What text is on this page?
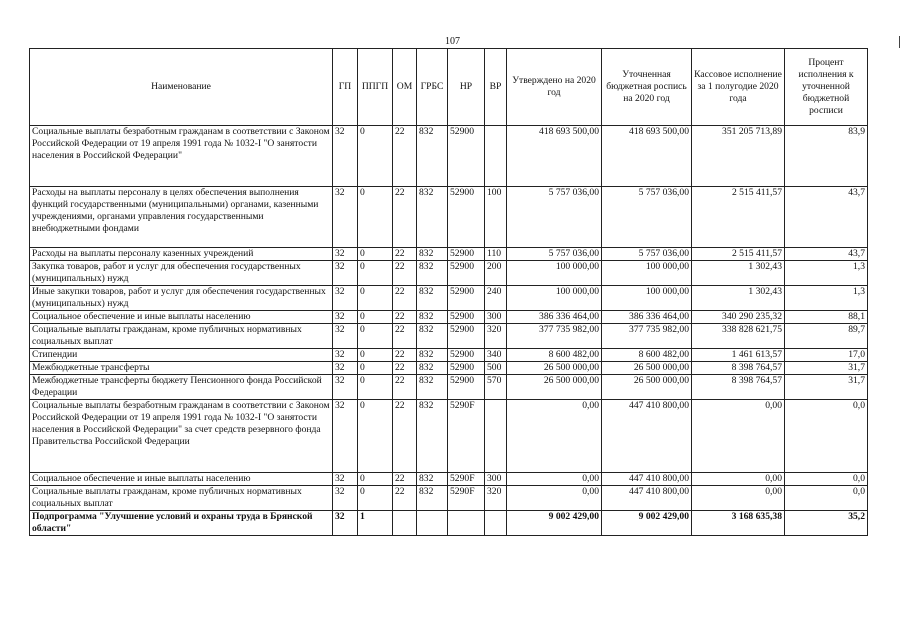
107
Наименование	ГП	ППГП	ОМ	ГРБС	НР	ВР	Утверждено на 2020 год	Уточненная бюджетная роспись на 2020 год	Кассовое исполнение за 1 полугодие 2020 года	Процент исполнения к уточненной бюджетной росписи
Социальные выплаты безработным гражданам в соответствии с Законом Российской Федерации от 19 апреля 1991 года № 1032-I "О занятости населения в Российской Федерации"	32	0	22	832	52900		418 693 500,00	418 693 500,00	351 205 713,89	83,9
Расходы на выплаты персоналу в целях обеспечения выполнения функций государственными (муниципальными) органами, казенными учреждениями, органами управления государственными внебюджетными фондами	32	0	22	832	52900	100	5 757 036,00	5 757 036,00	2 515 411,57	43,7
Расходы на выплаты персоналу казенных учреждений	32	0	22	832	52900	110	5 757 036,00	5 757 036,00	2 515 411,57	43,7
Закупка товаров, работ и услуг для обеспечения государственных (муниципальных) нужд	32	0	22	832	52900	200	100 000,00	100 000,00	1 302,43	1,3
Иные закупки товаров, работ и услуг для обеспечения государственных (муниципальных) нужд	32	0	22	832	52900	240	100 000,00	100 000,00	1 302,43	1,3
Социальное обеспечение и иные выплаты населению	32	0	22	832	52900	300	386 336 464,00	386 336 464,00	340 290 235,32	88,1
Социальные выплаты гражданам, кроме публичных нормативных социальных выплат	32	0	22	832	52900	320	377 735 982,00	377 735 982,00	338 828 621,75	89,7
Стипендии	32	0	22	832	52900	340	8 600 482,00	8 600 482,00	1 461 613,57	17,0
Межбюджетные трансферты	32	0	22	832	52900	500	26 500 000,00	26 500 000,00	8 398 764,57	31,7
Межбюджетные трансферты бюджету Пенсионного фонда Российской Федерации	32	0	22	832	52900	570	26 500 000,00	26 500 000,00	8 398 764,57	31,7
Социальные выплаты безработным гражданам в соответствии с Законом Российской Федерации от 19 апреля 1991 года № 1032-I "О занятости населения в Российской Федерации" за счет средств резервного фонда Правительства Российской Федерации	32	0	22	832	5290F		0,00	447 410 800,00	0,00	0,0
Социальное обеспечение и иные выплаты населению	32	0	22	832	5290F	300	0,00	447 410 800,00	0,00	0,0
Социальные выплаты гражданам, кроме публичных нормативных социальных выплат	32	0	22	832	5290F	320	0,00	447 410 800,00	0,00	0,0
Подпрограмма "Улучшение условий и охраны труда в Брянской области"	32	1					9 002 429,00	9 002 429,00	3 168 635,38	35,2
